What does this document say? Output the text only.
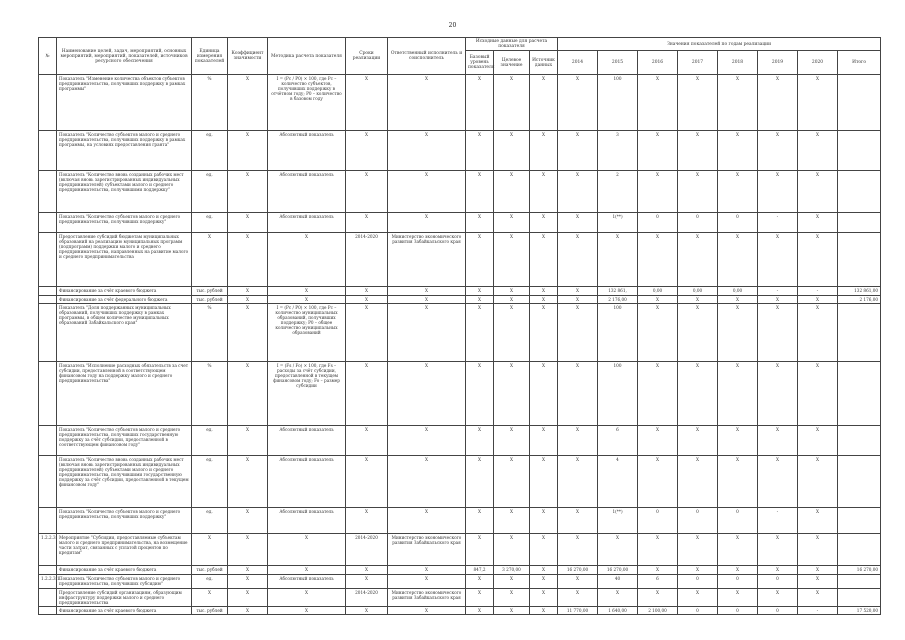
20
№	Наименование целей, задач, мероприятий, основных мероприятий, мероприятий, показателей, источников ресурсного обеспечения	Единица измерения показателей	Коэффициент значимости	Методика расчета показателя	Сроки реализации	Ответственный исполнитель и соисполнитель	Исходные данные для расчета показателя			Значения показателей по годам реализации							
							Базовый уровень показателя	Целевое значение	Источник данных	2014	2015	2016	2017	2018	2019	2020	Итого
	Показатель "Изменение количества объектов субъектов предпринимательства, получивших поддержку в рамках программы"	%	Х	I = (Pc / P0) × 100, где Pc – количество субъектов, получивших поддержку в отчётном году; P0 – количество в базовом году	Х	Х	Х	Х	Х	Х	100	Х	Х	Х	Х	Х	
	Показатель "Количество субъектов малого и среднего предпринимательства, получивших поддержку в рамках программы, на условиях предоставления гранта"	ед.	Х	Абсолютный показатель	Х	Х	Х	Х	Х	Х	3	Х	Х	Х	Х	Х	
	Показатель "Количество вновь созданных рабочих мест (включая вновь зарегистрированных индивидуальных предпринимателей) субъектами малого и среднего предпринимательства, получившими поддержку"	ед.	Х	Абсолютный показатель	Х	Х	Х	Х	Х	Х	2	Х	Х	Х	Х	Х	
	Показатель "Количество субъектов малого и среднего предпринимательства, получивших поддержку"	ед.	Х	Абсолютный показатель	Х	Х	Х	Х	Х	Х	1(**)	0	0	0	-	Х	
	Предоставление субсидий бюджетам муниципальных образований на реализацию муниципальных программ (подпрограмм) поддержки малого и среднего предпринимательства, направленных на развитие малого и среднего предпринимательства	Х	Х	Х	2014-2020	Министерство экономического развития Забайкальского края	Х	Х	Х	Х	Х	Х	Х	Х	Х	Х	
	Финансирование за счёт краевого бюджета	тыс. рублей	Х	Х	Х	Х	Х	Х	Х	Х	132 861,	0,00	0,00	0,00	-	-	132 861,00
	Финансирование за счёт федерального бюджета	тыс. рублей	Х	Х	Х	Х	Х	Х	Х	Х	2 176,00	Х	Х	Х	Х	Х	2 176,00
	Показатель "Доля поддержанных муниципальных образований, получивших поддержку в рамках программы, в общем количестве муниципальных образований Забайкальского края"	%	Х	I = (Pc / P0) × 100, где Pc – количество муниципальных образований, получивших поддержку; P0 – общее количество муниципальных образований	Х	Х	Х	Х	Х	Х	100	Х	Х	Х	Х	Х	
	Показатель "Исполнение расходных обязательств за счет субсидии, предоставленной в соответствующем финансовом году на поддержку малого и среднего предпринимательства"	%	Х	I = (Fs / Fo) × 100, где Fs – расходы за счёт субсидии, предоставленной в текущем финансовом году; Fo – размер субсидии	Х	Х	Х	Х	Х	Х	100	Х	Х	Х	Х	Х	
	Показатель "Количество субъектов малого и среднего предпринимательства, получивших государственную поддержку за счёт субсидии, предоставленной в соответствующем финансовом году"	ед.	Х	Абсолютный показатель	Х	Х	Х	Х	Х	Х	6	Х	Х	Х	Х	Х	
	Показатель "Количество вновь созданных рабочих мест (включая вновь зарегистрированных индивидуальных предпринимателей) субъектами малого и среднего предпринимательства, получившими государственную поддержку за счёт субсидии, предоставленной в текущем финансовом году"	ед.	Х	Абсолютный показатель	Х	Х	Х	Х	Х	Х	4	Х	Х	Х	Х	Х	
	Показатель "Количество субъектов малого и среднего предпринимательства, получивших поддержку"	ед.	Х	Абсолютный показатель	Х	Х	Х	Х	Х	Х	1(**)	0	0	0	-	Х	
1.2.2.3.	Мероприятие "Субсидии, предоставляемые субъектам малого и среднего предпринимательства, на возмещение части затрат, связанных с уплатой процентов по кредитам"	Х	Х	Х	2014-2020	Министерство экономического развития Забайкальского края	Х	Х	Х	Х	Х	Х	Х	Х	Х	Х	
	Финансирование за счёт краевого бюджета	тыс. рублей	Х	Х	Х	Х	847,2	3 270,00	Х	16 270,00	16 270,00	Х	Х	Х	Х	Х	16 270,00
1.2.2.3.1.	Показатель "Количество субъектов малого и среднего предпринимательства, получивших субсидию"	ед.	Х	Абсолютный показатель	Х	Х	Х	Х	Х	Х	40	6	0	0	0	Х	
	Предоставление субсидий организациям, образующим инфраструктуру поддержки малого и среднего предпринимательства	Х	Х	Х	2014-2020	Министерство экономического развития Забайкальского края	Х	Х	Х	Х	Х	Х	Х	Х	Х	Х	
	Финансирование за счёт краевого бюджета	тыс. рублей	Х	Х	Х	Х	Х	Х	Х	11 770,00	1 640,00	2 100,00	0	0	0	-	17 520,00
